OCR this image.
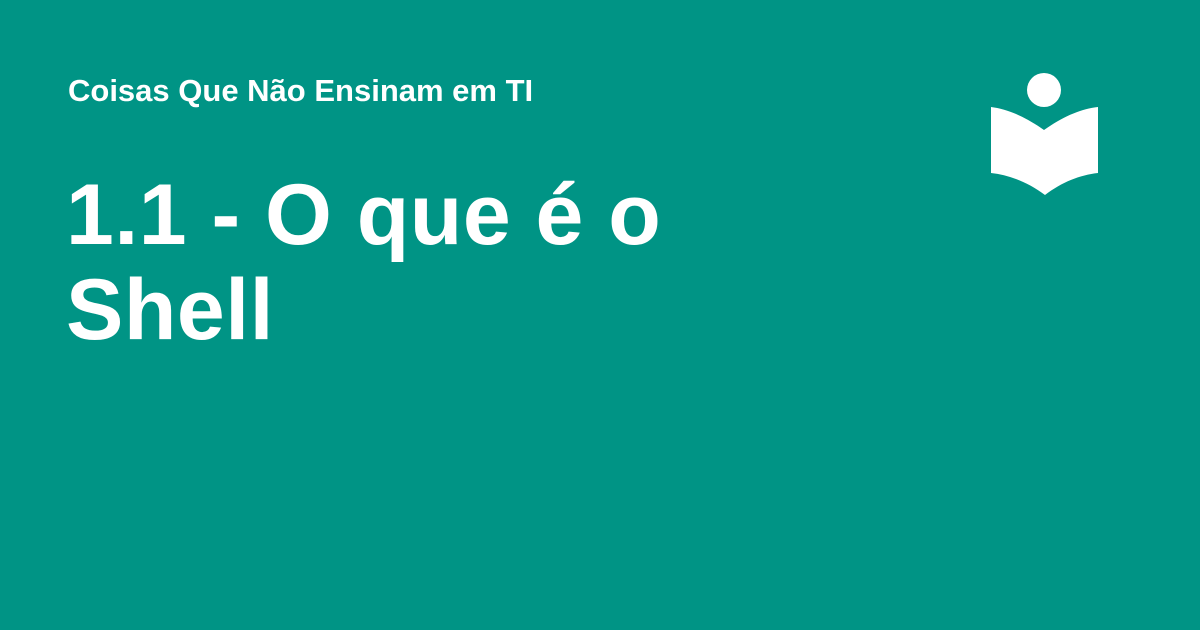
Coisas Que Não Ensinam em TI
1.1 - O que é o Shell
